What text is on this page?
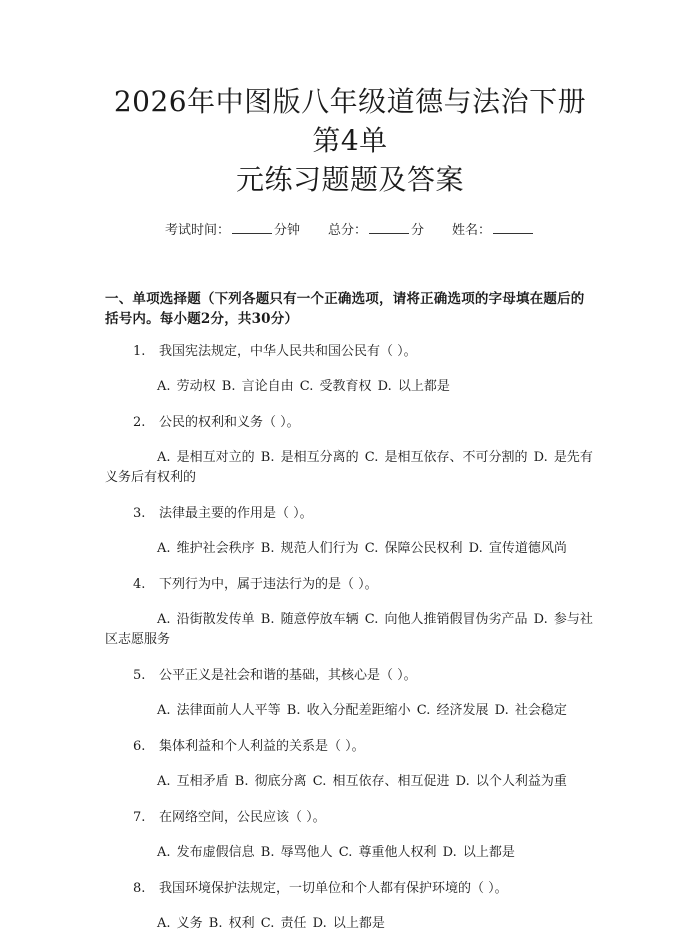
2026年中图版八年级道德与法治下册第4单
元练习题题及答案
考试时间：	分钟 总分：	分 姓名：
一、单项选择题（下列各题只有一个正确选项，请将正确选项的字母填在题后的括号内。每小题2分，共30分）
1.	我国宪法规定，中华人民共和国公民有（ ）。
A. 劳动权 B. 言论自由 C. 受教育权 D. 以上都是
2.	公民的权利和义务（ ）。
A. 是相互对立的 B. 是相互分离的 C. 是相互依存、不可分割的 D. 是先有义务后有权利的
3.	法律最主要的作用是（ ）。
A. 维护社会秩序 B. 规范人们行为 C. 保障公民权利 D. 宣传道德风尚
4.	下列行为中，属于违法行为的是（ ）。
A. 沿街散发传单 B. 随意停放车辆 C. 向他人推销假冒伪劣产品 D. 参与社区志愿服务
5.	公平正义是社会和谐的基础，其核心是（ ）。
A. 法律面前人人平等 B. 收入分配差距缩小 C. 经济发展 D. 社会稳定
6.	集体利益和个人利益的关系是（ ）。
A. 互相矛盾 B. 彻底分离 C. 相互依存、相互促进 D. 以个人利益为重
7.	在网络空间，公民应该（ ）。
A. 发布虚假信息 B. 辱骂他人 C. 尊重他人权利 D. 以上都是
8.	我国环境保护法规定，一切单位和个人都有保护环境的（ ）。
A. 义务 B. 权利 C. 责任 D. 以上都是
